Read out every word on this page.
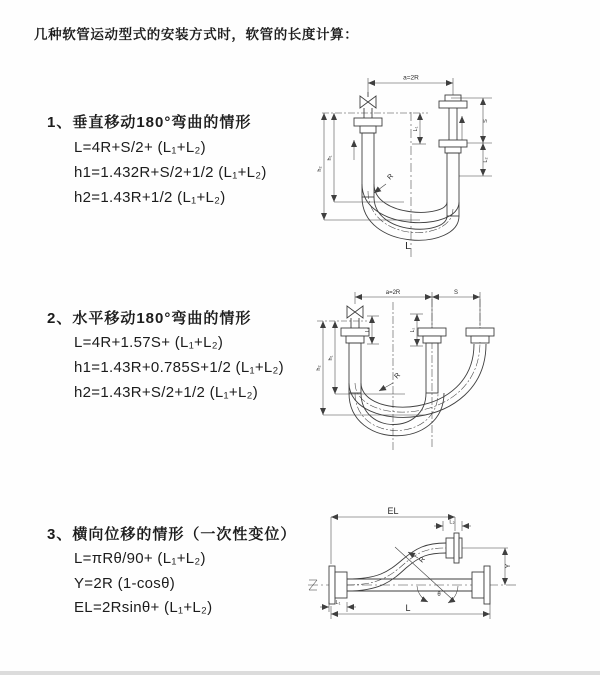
几种软管运动型式的安装方式时，软管的长度计算：
1、垂直移动180°弯曲的情形
L=4R+S/2+ (L₁+L₂)
h1=1.432R+S/2+1/2 (L₁+L₂)
h2=1.43R+1/2 (L₁+L₂)
2、水平移动180°弯曲的情形
L=4R+1.57S+ (L₁+L₂)
h1=1.43R+0.785S+1/2 (L₁+L₂)
h2=1.43R+S/2+1/2 (L₁+L₂)
3、横向位移的情形（一次性变位）
L=πRθ/90+ (L₁+L₂)
Y=2R (1-cosθ)
EL=2Rsinθ+ (L₁+L₂)
a=2R
L₁
h₁
h₂
S
L₂
R
L
a=2R	S
L₁	L₂
h₁
h₂
R
EL
L₂
Y
R
θ
L
L₁
